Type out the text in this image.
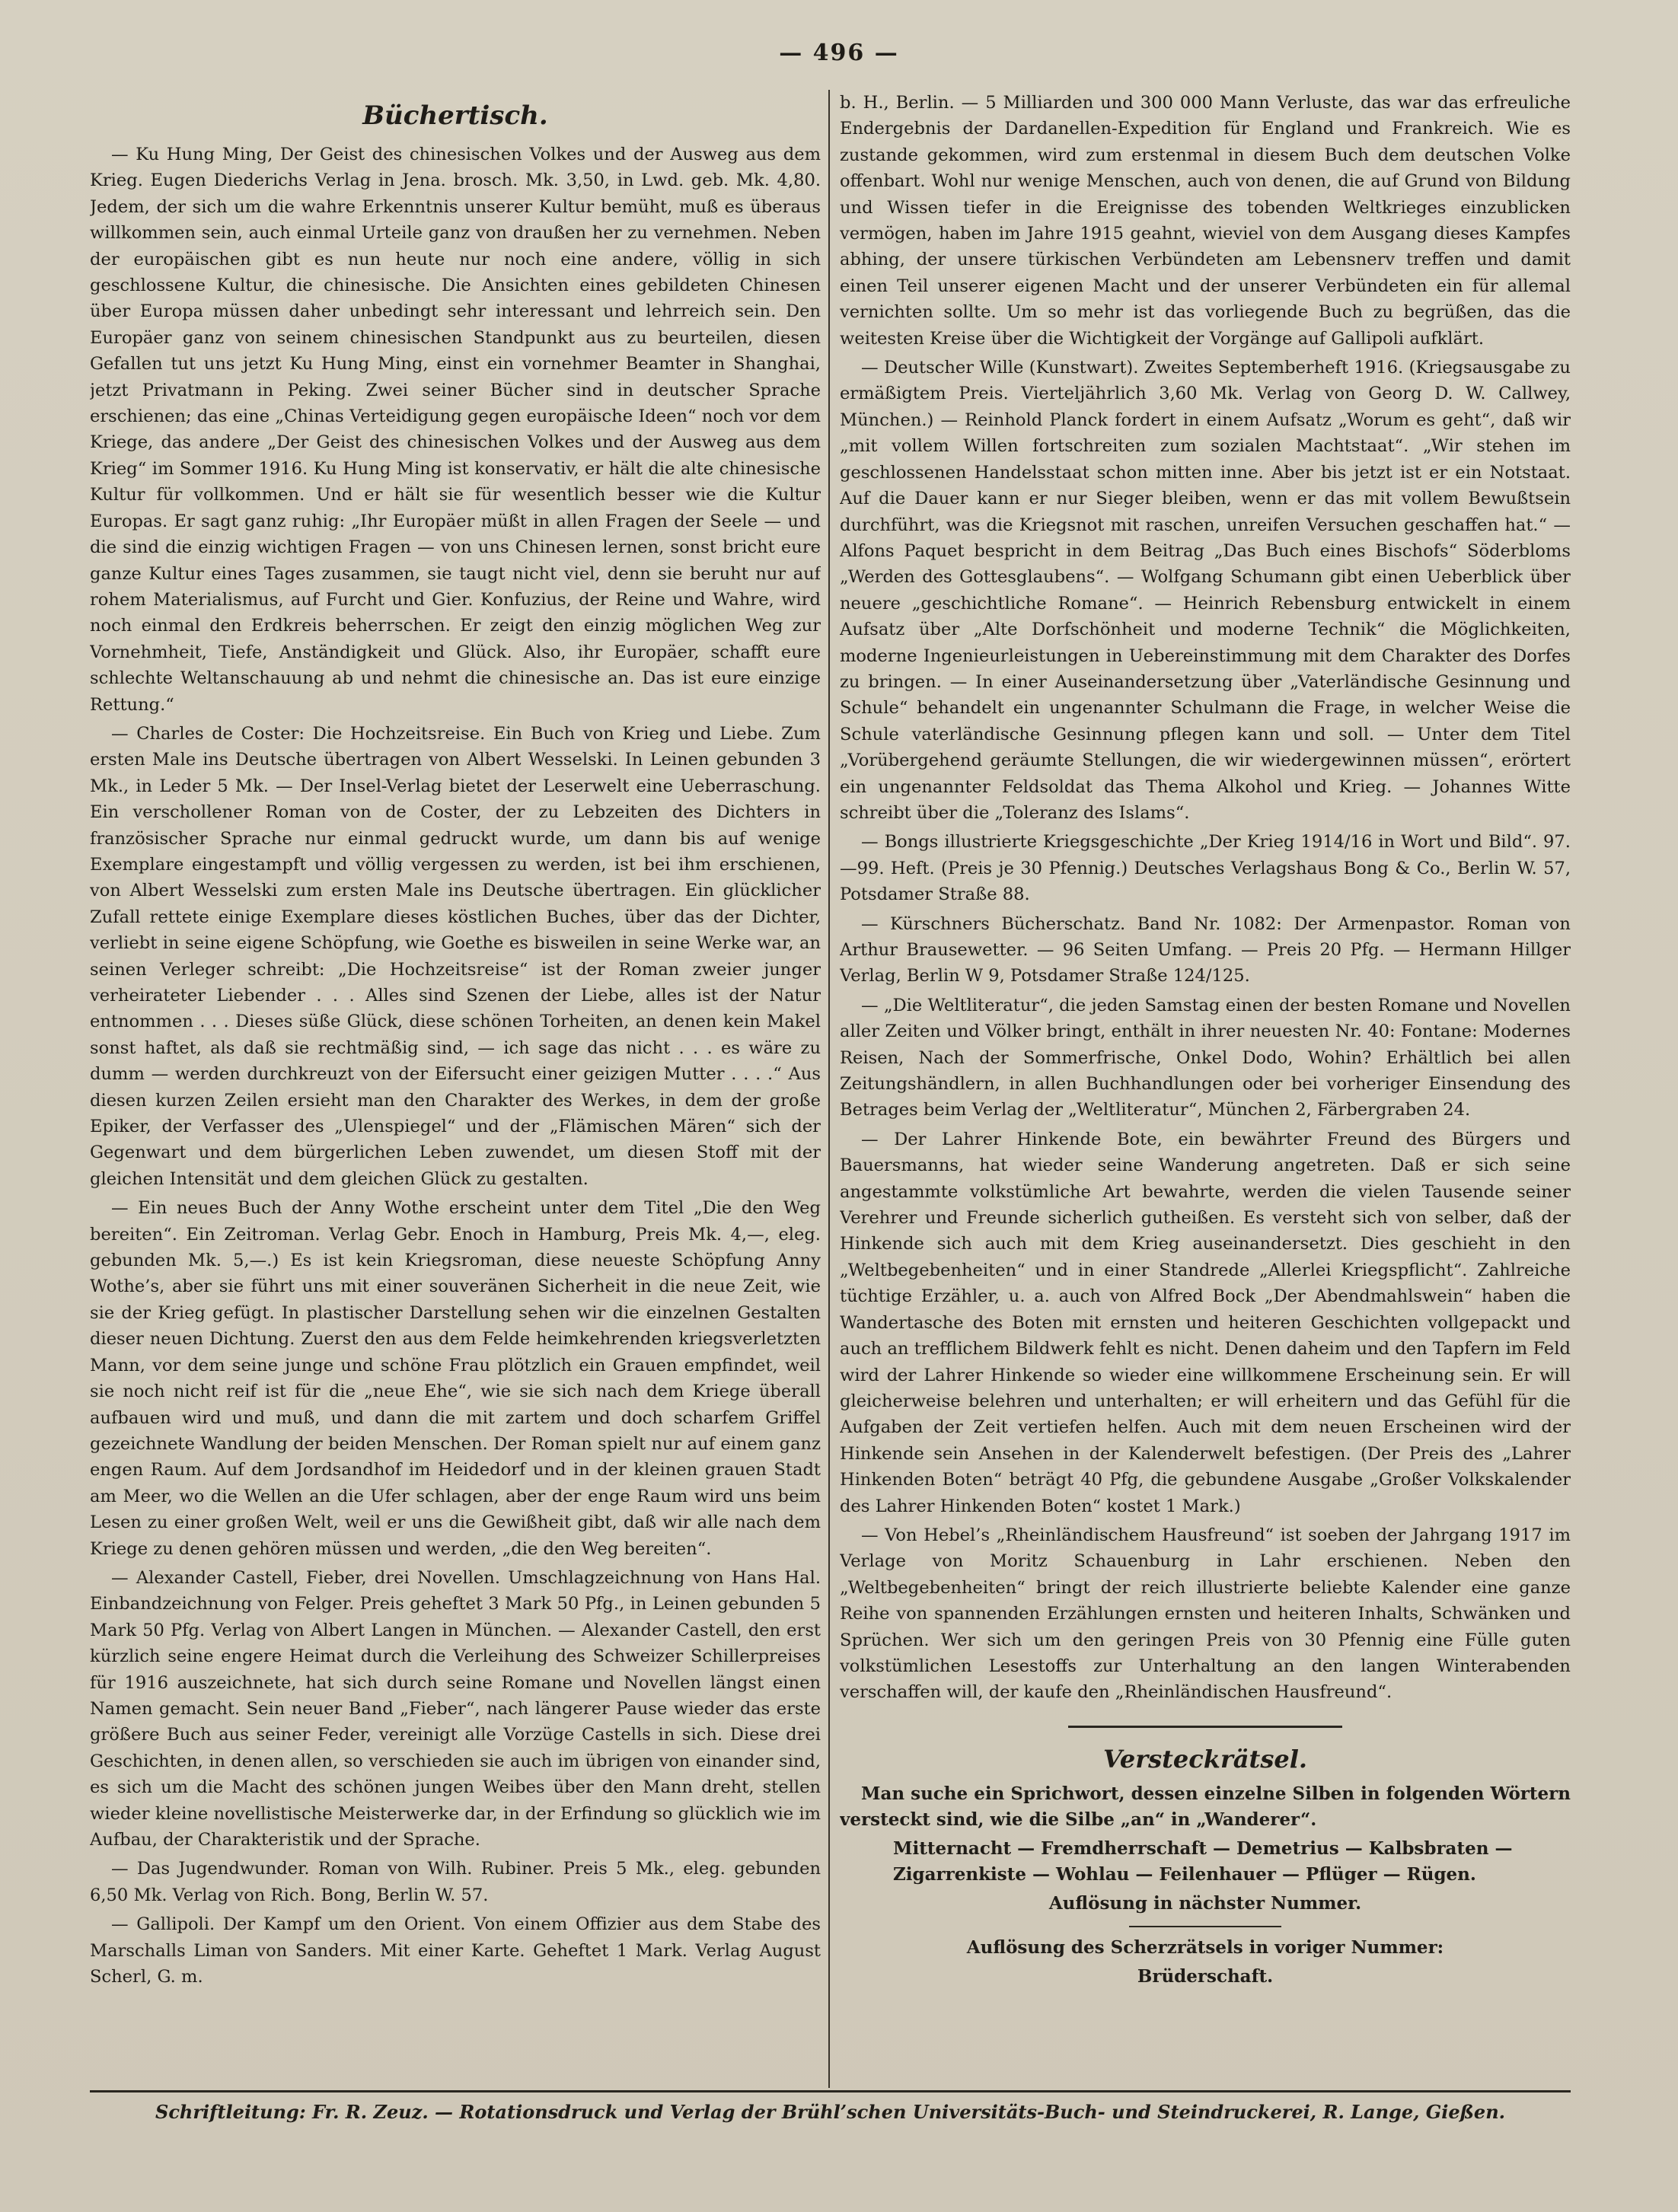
— 496 —
Büchertisch.

— Ku Hung Ming, Der Geist des chinesischen Volkes und der Ausweg aus dem Krieg. Eugen Diederichs Verlag in Jena. brosch. Mk. 3,50, in Lwd. geb. Mk. 4,80. Jedem, der sich um die wahre Erkenntnis unserer Kultur bemüht, muß es überaus willkommen sein, auch einmal Urteile ganz von draußen her zu vernehmen. Neben der europäischen gibt es nun heute nur noch eine andere, völlig in sich geschlossene Kultur, die chinesische. Die Ansichten eines gebildeten Chinesen über Europa müssen daher unbedingt sehr interessant und lehrreich sein. Den Europäer ganz von seinem chinesischen Standpunkt aus zu beurteilen, diesen Gefallen tut uns jetzt Ku Hung Ming, einst ein vornehmer Beamter in Shanghai, jetzt Privatmann in Peking. Zwei seiner Bücher sind in deutscher Sprache erschienen; das eine „Chinas Verteidigung gegen europäische Ideen“ noch vor dem Kriege, das andere „Der Geist des chinesischen Volkes und der Ausweg aus dem Krieg“ im Sommer 1916. Ku Hung Ming ist konservativ, er hält die alte chinesische Kultur für vollkommen. Und er hält sie für wesentlich besser wie die Kultur Europas. Er sagt ganz ruhig: „Ihr Europäer müßt in allen Fragen der Seele — und die sind die einzig wichtigen Fragen — von uns Chinesen lernen, sonst bricht eure ganze Kultur eines Tages zusammen, sie taugt nicht viel, denn sie beruht nur auf rohem Materialismus, auf Furcht und Gier. Konfuzius, der Reine und Wahre, wird noch einmal den Erdkreis beherrschen. Er zeigt den einzig möglichen Weg zur Vornehmheit, Tiefe, Anständigkeit und Glück. Also, ihr Europäer, schafft eure schlechte Weltanschauung ab und nehmt die chinesische an. Das ist eure einzige Rettung.“

— Charles de Coster: Die Hochzeitsreise. Ein Buch von Krieg und Liebe. Zum ersten Male ins Deutsche übertragen von Albert Wesselski. In Leinen gebunden 3 Mk., in Leder 5 Mk. — Der Insel-Verlag bietet der Leserwelt eine Ueberraschung. Ein verschollener Roman von de Coster, der zu Lebzeiten des Dichters in französischer Sprache nur einmal gedruckt wurde, um dann bis auf wenige Exemplare eingestampft und völlig vergessen zu werden, ist bei ihm erschienen, von Albert Wesselski zum ersten Male ins Deutsche übertragen. Ein glücklicher Zufall rettete einige Exemplare dieses köstlichen Buches, über das der Dichter, verliebt in seine eigene Schöpfung, wie Goethe es bisweilen in seine Werke war, an seinen Verleger schreibt: „Die Hochzeitsreise“ ist der Roman zweier junger verheirateter Liebender . . . Alles sind Szenen der Liebe, alles ist der Natur entnommen . . . Dieses süße Glück, diese schönen Torheiten, an denen kein Makel sonst haftet, als daß sie rechtmäßig sind, — ich sage das nicht . . . es wäre zu dumm — werden durchkreuzt von der Eifersucht einer geizigen Mutter . . . .“ Aus diesen kurzen Zeilen ersieht man den Charakter des Werkes, in dem der große Epiker, der Verfasser des „Ulenspiegel“ und der „Flämischen Mären“ sich der Gegenwart und dem bürgerlichen Leben zuwendet, um diesen Stoff mit der gleichen Intensität und dem gleichen Glück zu gestalten.

— Ein neues Buch der Anny Wothe erscheint unter dem Titel „Die den Weg bereiten“. Ein Zeitroman. Verlag Gebr. Enoch in Hamburg, Preis Mk. 4,—, eleg. gebunden Mk. 5,—.) Es ist kein Kriegsroman, diese neueste Schöpfung Anny Wothe’s, aber sie führt uns mit einer souveränen Sicherheit in die neue Zeit, wie sie der Krieg gefügt. In plastischer Darstellung sehen wir die einzelnen Gestalten dieser neuen Dichtung. Zuerst den aus dem Felde heimkehrenden kriegsverletzten Mann, vor dem seine junge und schöne Frau plötzlich ein Grauen empfindet, weil sie noch nicht reif ist für die „neue Ehe“, wie sie sich nach dem Kriege überall aufbauen wird und muß, und dann die mit zartem und doch scharfem Griffel gezeichnete Wandlung der beiden Menschen. Der Roman spielt nur auf einem ganz engen Raum. Auf dem Jordsandhof im Heidedorf und in der kleinen grauen Stadt am Meer, wo die Wellen an die Ufer schlagen, aber der enge Raum wird uns beim Lesen zu einer großen Welt, weil er uns die Gewißheit gibt, daß wir alle nach dem Kriege zu denen gehören müssen und werden, „die den Weg bereiten“.

— Alexander Castell, Fieber, drei Novellen. Umschlagzeichnung von Hans Hal. Einbandzeichnung von Felger. Preis geheftet 3 Mark 50 Pfg., in Leinen gebunden 5 Mark 50 Pfg. Verlag von Albert Langen in München. — Alexander Castell, den erst kürzlich seine engere Heimat durch die Verleihung des Schweizer Schillerpreises für 1916 auszeichnete, hat sich durch seine Romane und Novellen längst einen Namen gemacht. Sein neuer Band „Fieber“, nach längerer Pause wieder das erste größere Buch aus seiner Feder, vereinigt alle Vorzüge Castells in sich. Diese drei Geschichten, in denen allen, so verschieden sie auch im übrigen von einander sind, es sich um die Macht des schönen jungen Weibes über den Mann dreht, stellen wieder kleine novellistische Meisterwerke dar, in der Erfindung so glücklich wie im Aufbau, der Charakteristik und der Sprache.

— Das Jugendwunder. Roman von Wilh. Rubiner. Preis 5 Mk., eleg. gebunden 6,50 Mk. Verlag von Rich. Bong, Berlin W. 57.

— Gallipoli. Der Kampf um den Orient. Von einem Offizier aus dem Stabe des Marschalls Liman von Sanders. Mit einer Karte. Geheftet 1 Mark. Verlag August Scherl, G. m.

b. H., Berlin. — 5 Milliarden und 300 000 Mann Verluste, das war das erfreuliche Endergebnis der Dardanellen-Expedition für England und Frankreich. Wie es zustande gekommen, wird zum erstenmal in diesem Buch dem deutschen Volke offenbart. Wohl nur wenige Menschen, auch von denen, die auf Grund von Bildung und Wissen tiefer in die Ereignisse des tobenden Weltkrieges einzublicken vermögen, haben im Jahre 1915 geahnt, wieviel von dem Ausgang dieses Kampfes abhing, der unsere türkischen Verbündeten am Lebensnerv treffen und damit einen Teil unserer eigenen Macht und der unserer Verbündeten ein für allemal vernichten sollte. Um so mehr ist das vorliegende Buch zu begrüßen, das die weitesten Kreise über die Wichtigkeit der Vorgänge auf Gallipoli aufklärt.

— Deutscher Wille (Kunstwart). Zweites Septemberheft 1916. (Kriegsausgabe zu ermäßigtem Preis. Vierteljährlich 3,60 Mk. Verlag von Georg D. W. Callwey, München.) — Reinhold Planck fordert in einem Aufsatz „Worum es geht“, daß wir „mit vollem Willen fortschreiten zum sozialen Machtstaat“. „Wir stehen im geschlossenen Handelsstaat schon mitten inne. Aber bis jetzt ist er ein Notstaat. Auf die Dauer kann er nur Sieger bleiben, wenn er das mit vollem Bewußtsein durchführt, was die Kriegsnot mit raschen, unreifen Versuchen geschaffen hat.“ — Alfons Paquet bespricht in dem Beitrag „Das Buch eines Bischofs“ Söderbloms „Werden des Gottesglaubens“. — Wolfgang Schumann gibt einen Ueberblick über neuere „geschichtliche Romane“. — Heinrich Rebensburg entwickelt in einem Aufsatz über „Alte Dorfschönheit und moderne Technik“ die Möglichkeiten, moderne Ingenieurleistungen in Uebereinstimmung mit dem Charakter des Dorfes zu bringen. — In einer Auseinandersetzung über „Vaterländische Gesinnung und Schule“ behandelt ein ungenannter Schulmann die Frage, in welcher Weise die Schule vaterländische Gesinnung pflegen kann und soll. — Unter dem Titel „Vorübergehend geräumte Stellungen, die wir wiedergewinnen müssen“, erörtert ein ungenannter Feldsoldat das Thema Alkohol und Krieg. — Johannes Witte schreibt über die „Toleranz des Islams“.

— Bongs illustrierte Kriegsgeschichte „Der Krieg 1914/16 in Wort und Bild“. 97.—99. Heft. (Preis je 30 Pfennig.) Deutsches Verlagshaus Bong & Co., Berlin W. 57, Potsdamer Straße 88.

— Kürschners Bücherschatz. Band Nr. 1082: Der Armenpastor. Roman von Arthur Brausewetter. — 96 Seiten Umfang. — Preis 20 Pfg. — Hermann Hillger Verlag, Berlin W 9, Potsdamer Straße 124/125.

— „Die Weltliteratur“, die jeden Samstag einen der besten Romane und Novellen aller Zeiten und Völker bringt, enthält in ihrer neuesten Nr. 40: Fontane: Modernes Reisen, Nach der Sommerfrische, Onkel Dodo, Wohin? Erhältlich bei allen Zeitungshändlern, in allen Buchhandlungen oder bei vorheriger Einsendung des Betrages beim Verlag der „Weltliteratur“, München 2, Färbergraben 24.

— Der Lahrer Hinkende Bote, ein bewährter Freund des Bürgers und Bauersmanns, hat wieder seine Wanderung angetreten. Daß er sich seine angestammte volkstümliche Art bewahrte, werden die vielen Tausende seiner Verehrer und Freunde sicherlich gutheißen. Es versteht sich von selber, daß der Hinkende sich auch mit dem Krieg auseinandersetzt. Dies geschieht in den „Weltbegebenheiten“ und in einer Standrede „Allerlei Kriegspflicht“. Zahlreiche tüchtige Erzähler, u. a. auch von Alfred Bock „Der Abendmahlswein“ haben die Wandertasche des Boten mit ernsten und heiteren Geschichten vollgepackt und auch an trefflichem Bildwerk fehlt es nicht. Denen daheim und den Tapfern im Feld wird der Lahrer Hinkende so wieder eine willkommene Erscheinung sein. Er will gleicherweise belehren und unterhalten; er will erheitern und das Gefühl für die Aufgaben der Zeit vertiefen helfen. Auch mit dem neuen Erscheinen wird der Hinkende sein Ansehen in der Kalenderwelt befestigen. (Der Preis des „Lahrer Hinkenden Boten“ beträgt 40 Pfg, die gebundene Ausgabe „Großer Volkskalender des Lahrer Hinkenden Boten“ kostet 1 Mark.)

— Von Hebel’s „Rheinländischem Hausfreund“ ist soeben der Jahrgang 1917 im Verlage von Moritz Schauenburg in Lahr erschienen. Neben den „Weltbegebenheiten“ bringt der reich illustrierte beliebte Kalender eine ganze Reihe von spannenden Erzählungen ernsten und heiteren Inhalts, Schwänken und Sprüchen. Wer sich um den geringen Preis von 30 Pfennig eine Fülle guten volkstümlichen Lesestoffs zur Unterhaltung an den langen Winterabenden verschaffen will, der kaufe den „Rheinländischen Hausfreund“.

Versteckrätsel.

Man suche ein Sprichwort, dessen einzelne Silben in folgenden Wörtern versteckt sind, wie die Silbe „an“ in „Wanderer“.

Mitternacht — Fremdherrschaft — Demetrius — Kalbsbraten — Zigarrenkiste — Wohlau — Feilenhauer — Pflüger — Rügen.

Auflösung in nächster Nummer.
Auflösung des Scherzrätsels in voriger Nummer:
Brüderschaft.
Schriftleitung: Fr. R. Zeuz. — Rotationsdruck und Verlag der Brühl’schen Universitäts-Buch- und Steindruckerei, R. Lange, Gießen.
